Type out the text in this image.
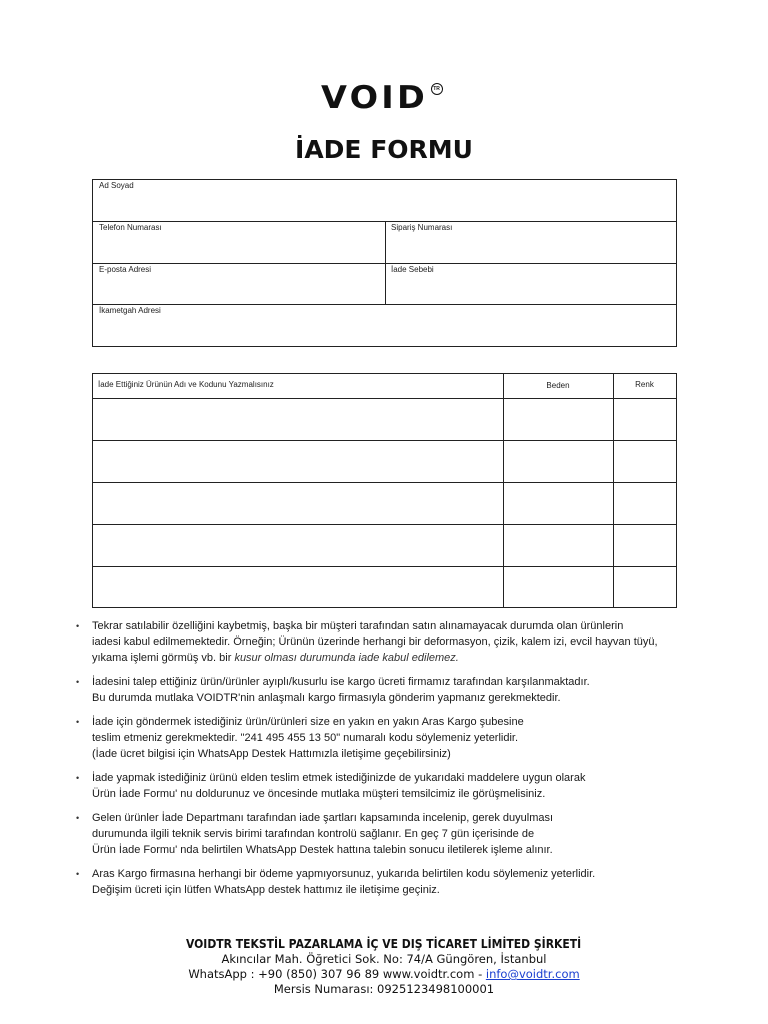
VOID TR
İADE FORMU
Ad Soyad
Telefon Numarası	Sipariş Numarası
E-posta Adresi	İade Sebebi
İkametgah Adresi
İade Ettiğiniz Ürünün Adı ve Kodunu Yazmalısınız	Beden	Renk
• Tekrar satılabilir özelliğini kaybetmiş, başka bir müşteri tarafından satın alınamayacak durumda olan ürünlerin
iadesi kabul edilmemektedir. Örneğin; Ürünün üzerinde herhangi bir deformasyon, çizik, kalem izi, evcil hayvan tüyü,
yıkama işlemi görmüş vb. bir kusur olması durumunda iade kabul edilemez.
• İadesini talep ettiğiniz ürün/ürünler ayıplı/kusurlu ise kargo ücreti firmamız tarafından karşılanmaktadır.
Bu durumda mutlaka VOIDTR'nin anlaşmalı kargo firmasıyla gönderim yapmanız gerekmektedir.
• İade için göndermek istediğiniz ürün/ürünleri size en yakın en yakın Aras Kargo şubesine
teslim etmeniz gerekmektedir. "241 495 455 13 50" numaralı kodu söylemeniz yeterlidir.
(İade ücret bilgisi için WhatsApp Destek Hattımızla iletişime geçebilirsiniz)
• İade yapmak istediğiniz ürünü elden teslim etmek istediğinizde de yukarıdaki maddelere uygun olarak
Ürün İade Formu' nu doldurunuz ve öncesinde mutlaka müşteri temsilcimiz ile görüşmelisiniz.
• Gelen ürünler İade Departmanı tarafından iade şartları kapsamında incelenip, gerek duyulması
durumunda ilgili teknik servis birimi tarafından kontrolü sağlanır. En geç 7 gün içerisinde de
Ürün İade Formu' nda belirtilen WhatsApp Destek hattına talebin sonucu iletilerek işleme alınır.
• Aras Kargo firmasına herhangi bir ödeme yapmıyorsunuz, yukarıda belirtilen kodu söylemeniz yeterlidir.
Değişim ücreti için lütfen WhatsApp destek hattımız ile iletişime geçiniz.
VOIDTR TEKSTİL PAZARLAMA İÇ VE DIŞ TİCARET LİMİTED ŞİRKETİ
Akıncılar Mah. Öğretici Sok. No: 74/A Güngören, İstanbul
WhatsApp : +90 (850) 307 96 89 www.voidtr.com - info@voidtr.com
Mersis Numarası: 0925123498100001
